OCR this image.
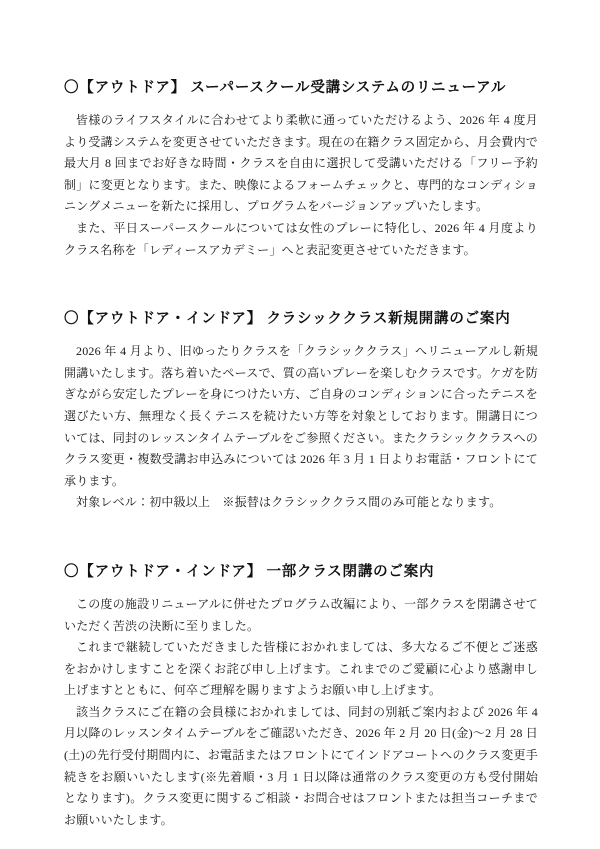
〇【アウトドア】 スーパースクール受講システムのリニューアル

皆様のライフスタイルに合わせてより柔軟に通っていただけるよう、2026 年 4 度月より受講システムを変更させていただきます。現在の在籍クラス固定から、月会費内で最大月 8 回までお好きな時間・クラスを自由に選択して受講いただける「フリー予約制」に変更となります。また、映像によるフォームチェックと、専門的なコンディショニングメニューを新たに採用し、プログラムをバージョンアップいたします。

また、平日スーパースクールについては女性のプレーに特化し、2026 年 4 月度よりクラス名称を「レディースアカデミー」へと表記変更させていただきます。

〇【アウトドア・インドア】 クラシッククラス新規開講のご案内

2026 年 4 月より、旧ゆったりクラスを「クラシッククラス」へリニューアルし新規開講いたします。落ち着いたペースで、質の高いプレーを楽しむクラスです。ケガを防ぎながら安定したプレーを身につけたい方、ご自身のコンディションに合ったテニスを選びたい方、無理なく長くテニスを続けたい方等を対象としております。開講日については、同封のレッスンタイムテーブルをご参照ください。またクラシッククラスへのクラス変更・複数受講お申込みについては 2026 年 3 月 1 日よりお電話・フロントにて承ります。

対象レベル：初中級以上　※振替はクラシッククラス間のみ可能となります。

〇【アウトドア・インドア】 一部クラス閉講のご案内

この度の施設リニューアルに併せたプログラム改編により、一部クラスを閉講させていただく苦渋の決断に至りました。

これまで継続していただきました皆様におかれましては、多大なるご不便とご迷惑をおかけしますことを深くお詫び申し上げます。これまでのご愛顧に心より感謝申し上げますとともに、何卒ご理解を賜りますようお願い申し上げます。

該当クラスにご在籍の会員様におかれましては、同封の別紙ご案内および 2026 年 4 月以降のレッスンタイムテーブルをご確認いただき、2026 年 2 月 20 日(金)～2 月 28 日(土)の先行受付期間内に、お電話またはフロントにてインドアコートへのクラス変更手続きをお願いいたします(※先着順・3 月 1 日以降は通常のクラス変更の方も受付開始となります)。クラス変更に関するご相談・お問合せはフロントまたは担当コーチまでお願いいたします。
